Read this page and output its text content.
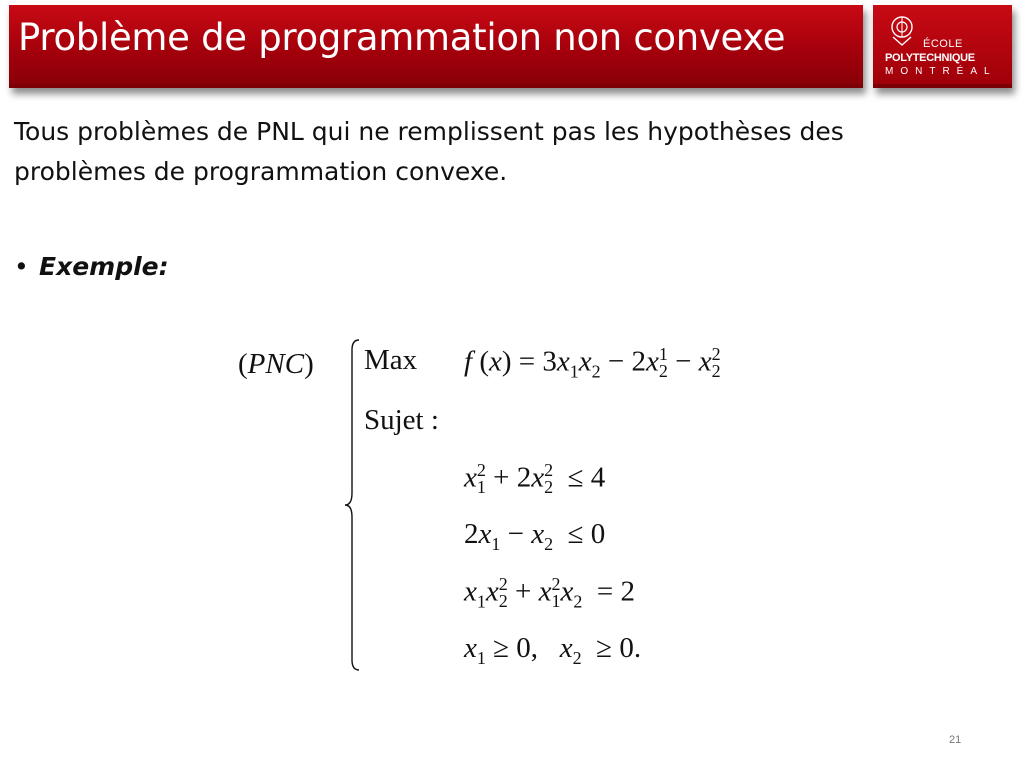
Problème de programmation non convexe	ÉCOLE
POLYTECHNIQUE
MONTRÉAL

Tous problèmes de PNL qui ne remplissent pas les hypothèses des problèmes de programmation convexe.

• Exemple:
(PNC) Max f $(x) = 3x_1x_2 - 2x^1_2 - x^2_2$
Sujet :
$x^2_1 + 2x^2_2 \le 4$
$2x_1 - x_2 \le 0$
$x_1x^2_2 + x^2_1x_2 = 2$
$x_1 \ge 0$,   $x_2 \ge 0$.
21
